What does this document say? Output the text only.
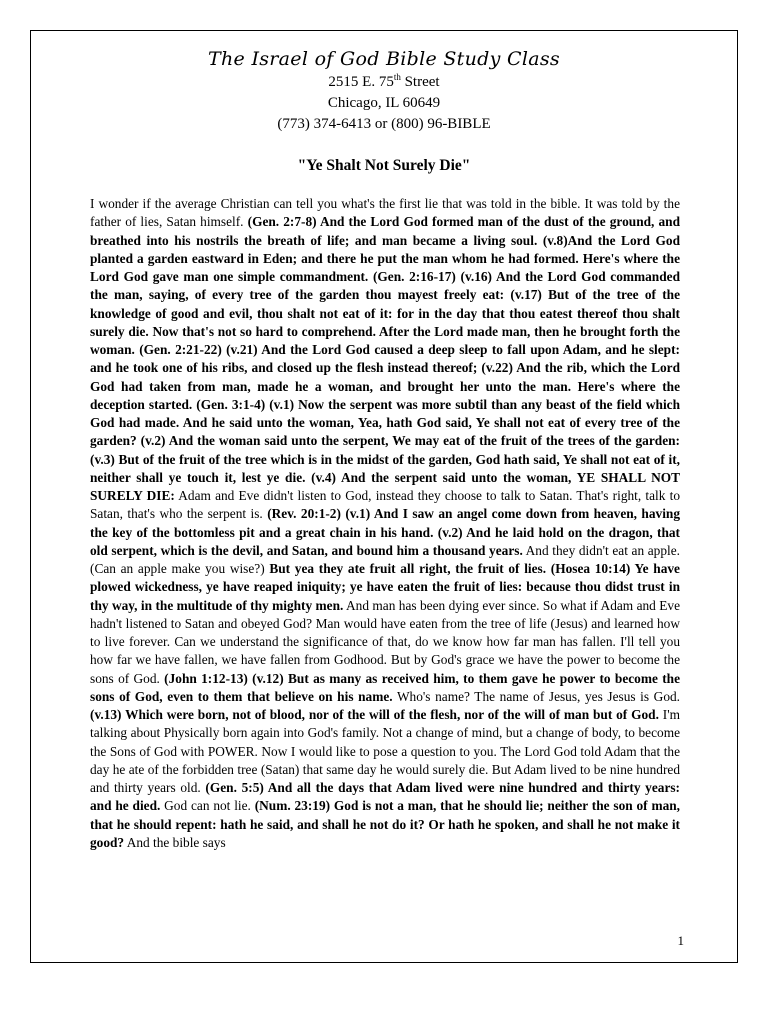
The Israel of God Bible Study Class
2515 E. 75th Street
Chicago, IL 60649
(773) 374-6413 or (800) 96-BIBLE
"Ye Shalt Not Surely Die"

I wonder if the average Christian can tell you what's the first lie that was told in the bible. It was told by the father of lies, Satan himself. (Gen. 2:7-8) And the Lord God formed man of the dust of the ground, and breathed into his nostrils the breath of life; and man became a living soul. (v.8)And the Lord God planted a garden eastward in Eden; and there he put the man whom he had formed. Here's where the Lord God gave man one simple commandment. (Gen. 2:16-17) (v.16) And the Lord God commanded the man, saying, of every tree of the garden thou mayest freely eat: (v.17) But of the tree of the knowledge of good and evil, thou shalt not eat of it: for in the day that thou eatest thereof thou shalt surely die. Now that's not so hard to comprehend. After the Lord made man, then he brought forth the woman. (Gen. 2:21-22) (v.21) And the Lord God caused a deep sleep to fall upon Adam, and he slept: and he took one of his ribs, and closed up the flesh instead thereof; (v.22) And the rib, which the Lord God had taken from man, made he a woman, and brought her unto the man. Here's where the deception started. (Gen. 3:1-4) (v.1) Now the serpent was more subtil than any beast of the field which God had made. And he said unto the woman, Yea, hath God said, Ye shall not eat of every tree of the garden? (v.2) And the woman said unto the serpent, We may eat of the fruit of the trees of the garden: (v.3) But of the fruit of the tree which is in the midst of the garden, God hath said, Ye shall not eat of it, neither shall ye touch it, lest ye die. (v.4) And the serpent said unto the woman, YE SHALL NOT SURELY DIE: Adam and Eve didn't listen to God, instead they choose to talk to Satan. That's right, talk to Satan, that's who the serpent is. (Rev. 20:1-2) (v.1) And I saw an angel come down from heaven, having the key of the bottomless pit and a great chain in his hand. (v.2) And he laid hold on the dragon, that old serpent, which is the devil, and Satan, and bound him a thousand years. And they didn't eat an apple. (Can an apple make you wise?) But yea they ate fruit all right, the fruit of lies. (Hosea 10:14) Ye have plowed wickedness, ye have reaped iniquity; ye have eaten the fruit of lies: because thou didst trust in thy way, in the multitude of thy mighty men. And man has been dying ever since. So what if Adam and Eve hadn't listened to Satan and obeyed God? Man would have eaten from the tree of life (Jesus) and learned how to live forever. Can we understand the significance of that, do we know how far man has fallen. I'll tell you how far we have fallen, we have fallen from Godhood. But by God's grace we have the power to become the sons of God. (John 1:12-13) (v.12) But as many as received him, to them gave he power to become the sons of God, even to them that believe on his name. Who's name? The name of Jesus, yes Jesus is God. (v.13) Which were born, not of blood, nor of the will of the flesh, nor of the will of man but of God. I'm talking about Physically born again into God's family. Not a change of mind, but a change of body, to become the Sons of God with POWER. Now I would like to pose a question to you. The Lord God told Adam that the day he ate of the forbidden tree (Satan) that same day he would surely die. But Adam lived to be nine hundred and thirty years old. (Gen. 5:5) And all the days that Adam lived were nine hundred and thirty years: and he died. God can not lie. (Num. 23:19) God is not a man, that he should lie; neither the son of man, that he should repent: hath he said, and shall he not do it? Or hath he spoken, and shall he not make it good? And the bible says

1
